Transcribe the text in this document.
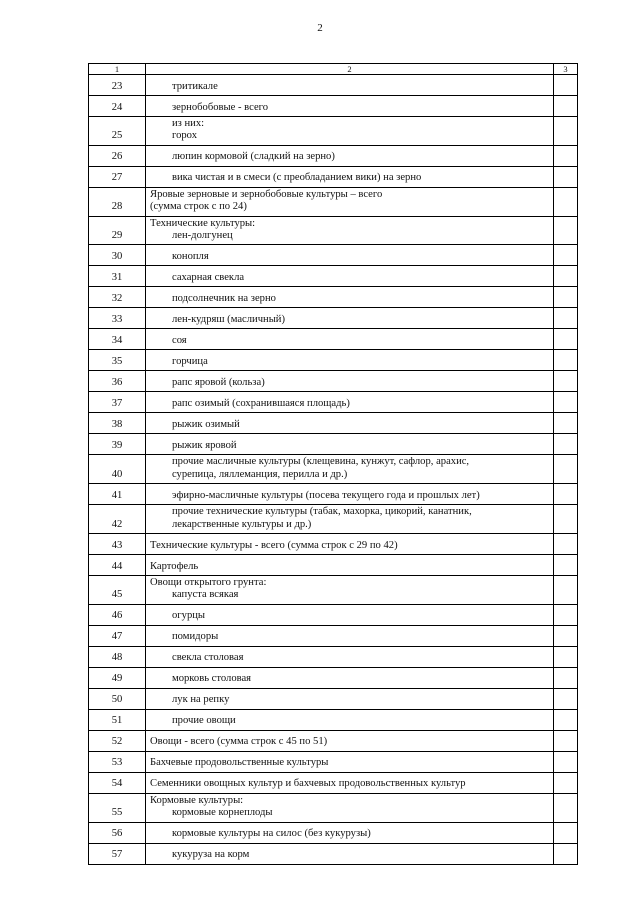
2
1	2	3
23	тритикале	

24	зернобобовые - всего	

25	из них:
горох	

26	люпин кормовой (сладкий на зерно)	

27	вика чистая и в смеси (с преобладанием вики) на зерно	

28	Яровые зерновые и зернобобовые культуры – всего
(сумма строк с по 24)	

29	Технические культуры:
лен-долгунец	

30	конопля	

31	сахарная свекла	

32	подсолнечник на зерно	

33	лен-кудряш (масличный)	

34	соя	

35	горчица	

36	рапс яровой (кольза)	

37	рапс озимый (сохранившаяся площадь)	

38	рыжик озимый	

39	рыжик яровой	

40	прочие масличные культуры (клещевина, кунжут, сафлор, арахис,
сурепица, ляллеманция, перилла и др.)	

41	эфирно-масличные культуры (посева текущего года и прошлых лет)	

42	прочие технические культуры (табак, махорка, цикорий, канатник,
лекарственные культуры и др.)	

43	Технические культуры - всего (сумма строк с 29 по 42)	

44	Картофель	

45	Овощи открытого грунта:
капуста всякая	

46	огурцы	

47	помидоры	

48	свекла столовая	

49	морковь столовая	

50	лук на репку	

51	прочие овощи	

52	Овощи - всего (сумма строк с 45 по 51)	

53	Бахчевые продовольственные культуры	

54	Семенники овощных культур и бахчевых продовольственных культур	

55	Кормовые культуры:
кормовые корнеплоды	

56	кормовые культуры на силос (без кукурузы)	

57	кукуруза на корм	
